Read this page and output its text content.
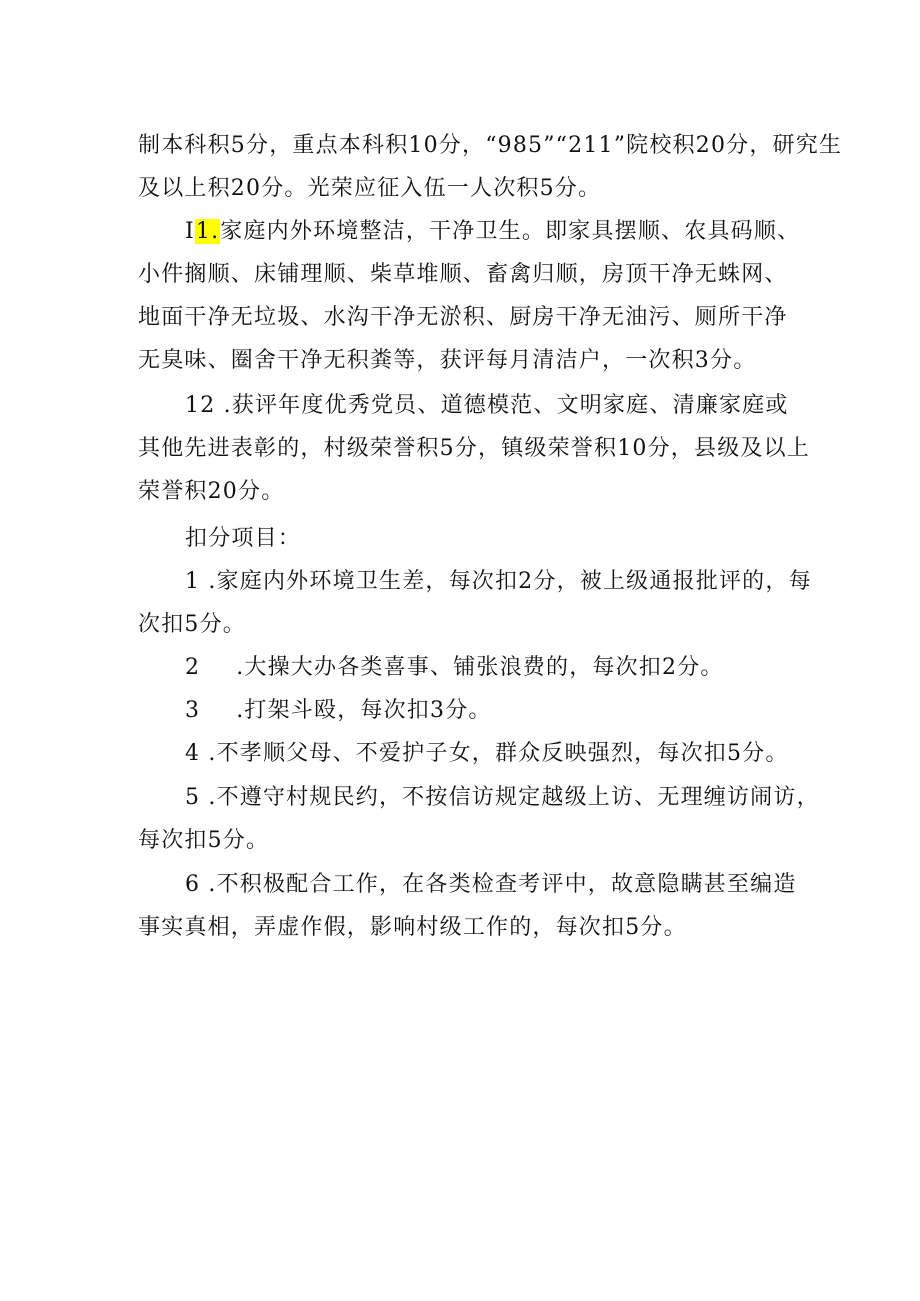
制本科积5分，重点本科积10分，“985”“211”院校积20分，研究生
及以上积20分。光荣应征入伍一人次积5分。
I1.家庭内外环境整洁，干净卫生。即家具摆顺、农具码顺、
小件搁顺、床铺理顺、柴草堆顺、畜禽归顺，房顶干净无蛛网、
地面干净无垃圾、水沟干净无淤积、厨房干净无油污、厕所干净
无臭味、圈舍干净无积粪等，获评每月清洁户，一次积3分。
12 .获评年度优秀党员、道德模范、文明家庭、清廉家庭或
其他先进表彰的，村级荣誉积5分，镇级荣誉积10分，县级及以上
荣誉积20分。
扣分项目：
1 .家庭内外环境卫生差，每次扣2分，被上级通报批评的，每
次扣5分。
2 .大操大办各类喜事、铺张浪费的，每次扣2分。
3 .打架斗殴，每次扣3分。
4 .不孝顺父母、不爱护子女，群众反映强烈，每次扣5分。
5 .不遵守村规民约，不按信访规定越级上访、无理缠访闹访，
每次扣5分。
6 .不积极配合工作，在各类检查考评中，故意隐瞒甚至编造
事实真相，弄虚作假，影响村级工作的，每次扣5分。
